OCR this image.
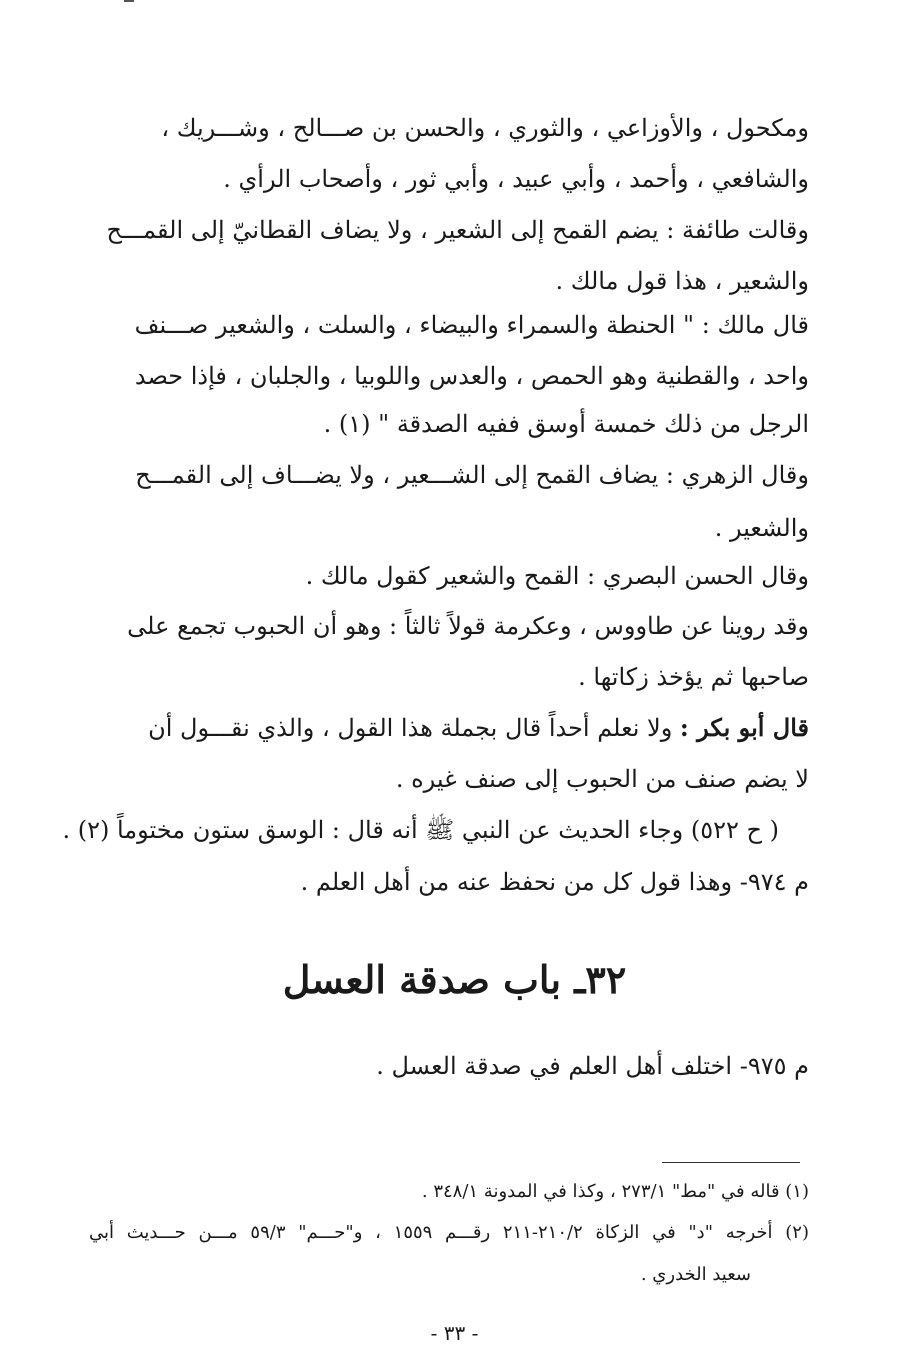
ومكحول ، والأوزاعي ، والثوري ، والحسن بن صـــالح ، وشـــريك ،
والشافعي ، وأحمد ، وأبي عبيد ، وأبي ثور ، وأصحاب الرأي .
وقالت طائفة : يضم القمح إلى الشعير ، ولا يضاف القطانيّ إلى القمـــح
والشعير ، هذا قول مالك .
قال مالك : " الحنطة والسمراء والبيضاء ، والسلت ، والشعير صـــنف
واحد ، والقطنية وهو الحمص ، والعدس واللوبيا ، والجلبان ، فإذا حصد
الرجل من ذلك خمسة أوسق ففيه الصدقة " (١) .
وقال الزهري : يضاف القمح إلى الشـــعير ، ولا يضـــاف إلى القمـــح
والشعير .
وقال الحسن البصري : القمح والشعير كقول مالك .
وقد روينا عن طاووس ، وعكرمة قولاً ثالثاً : وهو أن الحبوب تجمع على
صاحبها ثم يؤخذ زكاتها .
قال أبو بكر : ولا نعلم أحداً قال بجملة هذا القول ، والذي نقـــول أن
لا يضم صنف من الحبوب إلى صنف غيره .
( ح ٥٢٢) وجاء الحديث عن النبي ﷺ أنه قال : الوسق ستون مختوماً (٢) .
م ٩٧٤- وهذا قول كل من نحفظ عنه من أهل العلم .
٣٢ـ باب صدقة العسل
م ٩٧٥- اختلف أهل العلم في صدقة العسل .
(١) قاله في "مط" ٢٧٣/١ ، وكذا في المدونة ٣٤٨/١ .
(٢) أخرجه "د" في الزكاة ٢١٠/٢-٢١١ رقـــم ١٥٥٩ ، و"حـــم" ٥٩/٣ مـــن حـــديث أبي
سعيد الخدري .
- ٣٣ -
